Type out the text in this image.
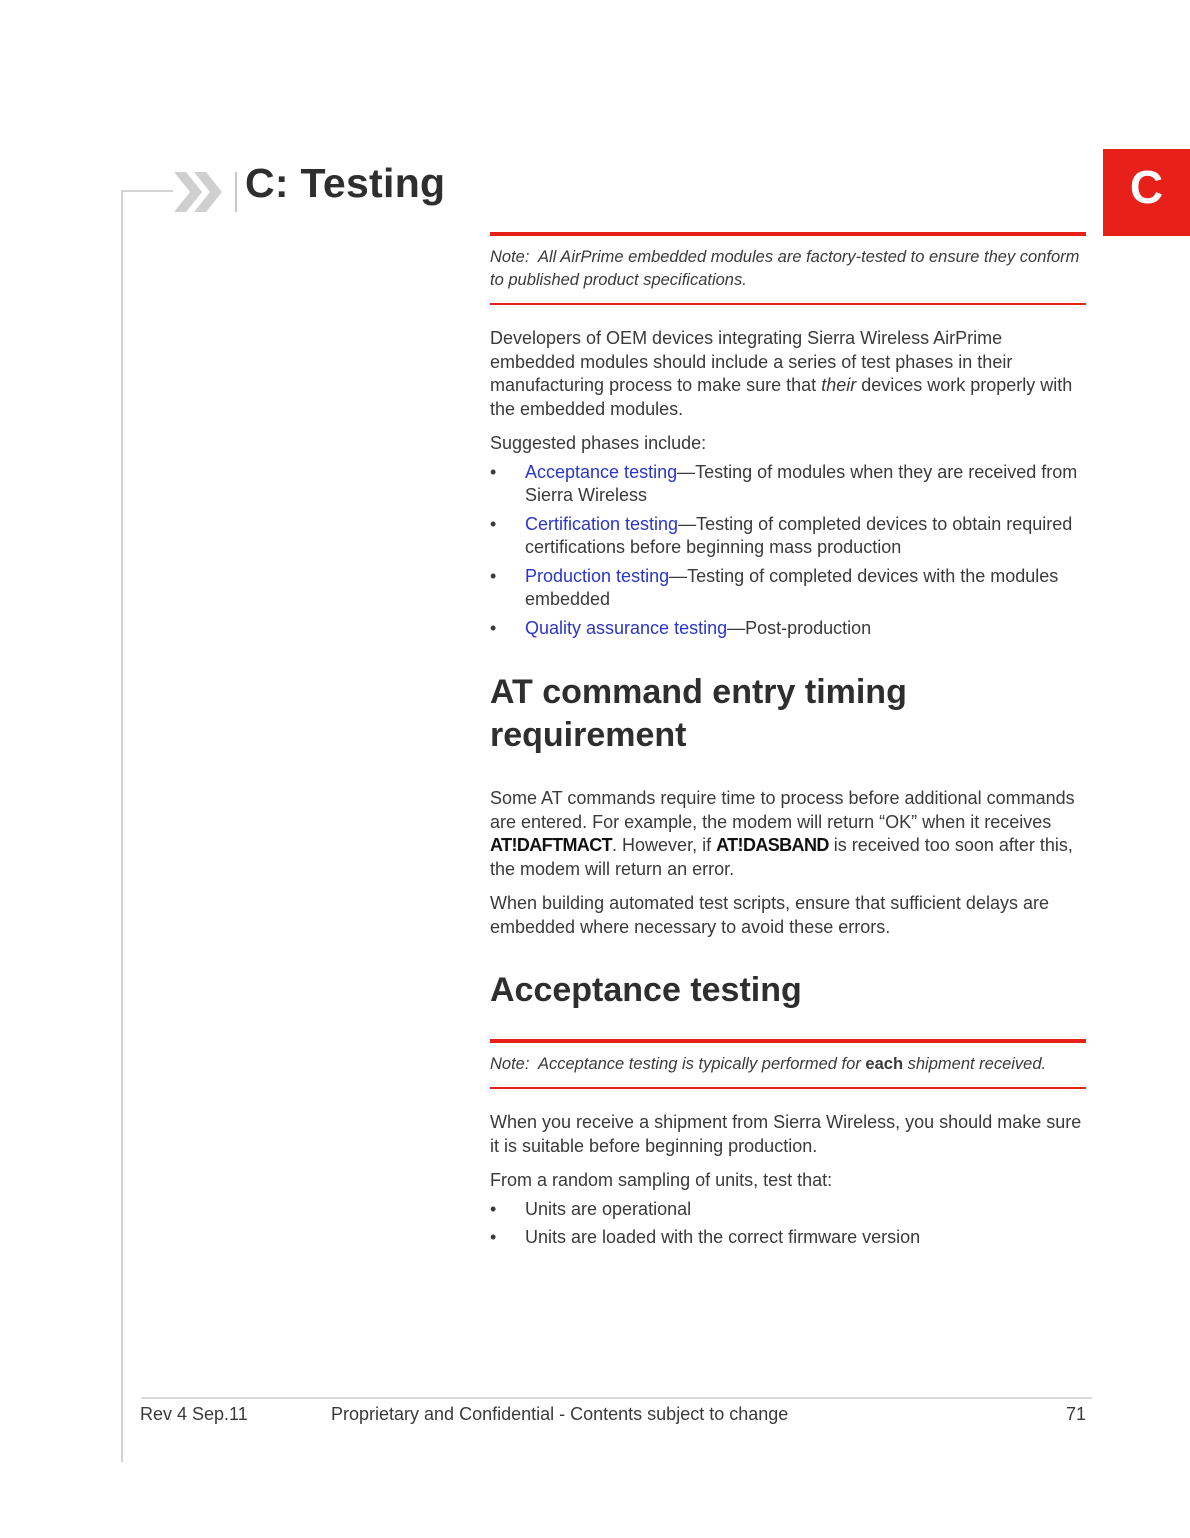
C: Testing	C
Note: All AirPrime embedded modules are factory-tested to ensure they conform to published product specifications.

Developers of OEM devices integrating Sierra Wireless AirPrime embedded modules should include a series of test phases in their manufacturing process to make sure that their devices work properly with the embedded modules.

Suggested phases include:

• Acceptance testing—Testing of modules when they are received from Sierra Wireless
• Certification testing—Testing of completed devices to obtain required certifications before beginning mass production
• Production testing—Testing of completed devices with the modules embedded
• Quality assurance testing—Post-production
AT command entry timing
requirement

Some AT commands require time to process before additional commands are entered. For example, the modem will return “OK” when it receives AT!DAFTMACT. However, if AT!DASBAND is received too soon after this, the modem will return an error.

When building automated test scripts, ensure that sufficient delays are embedded where necessary to avoid these errors.

Acceptance testing
Note: Acceptance testing is typically performed for each shipment received.

When you receive a shipment from Sierra Wireless, you should make sure it is suitable before beginning production.

From a random sampling of units, test that:

• Units are operational
• Units are loaded with the correct firmware version
Rev 4 Sep.11	Proprietary and Confidential - Contents subject to change	71
